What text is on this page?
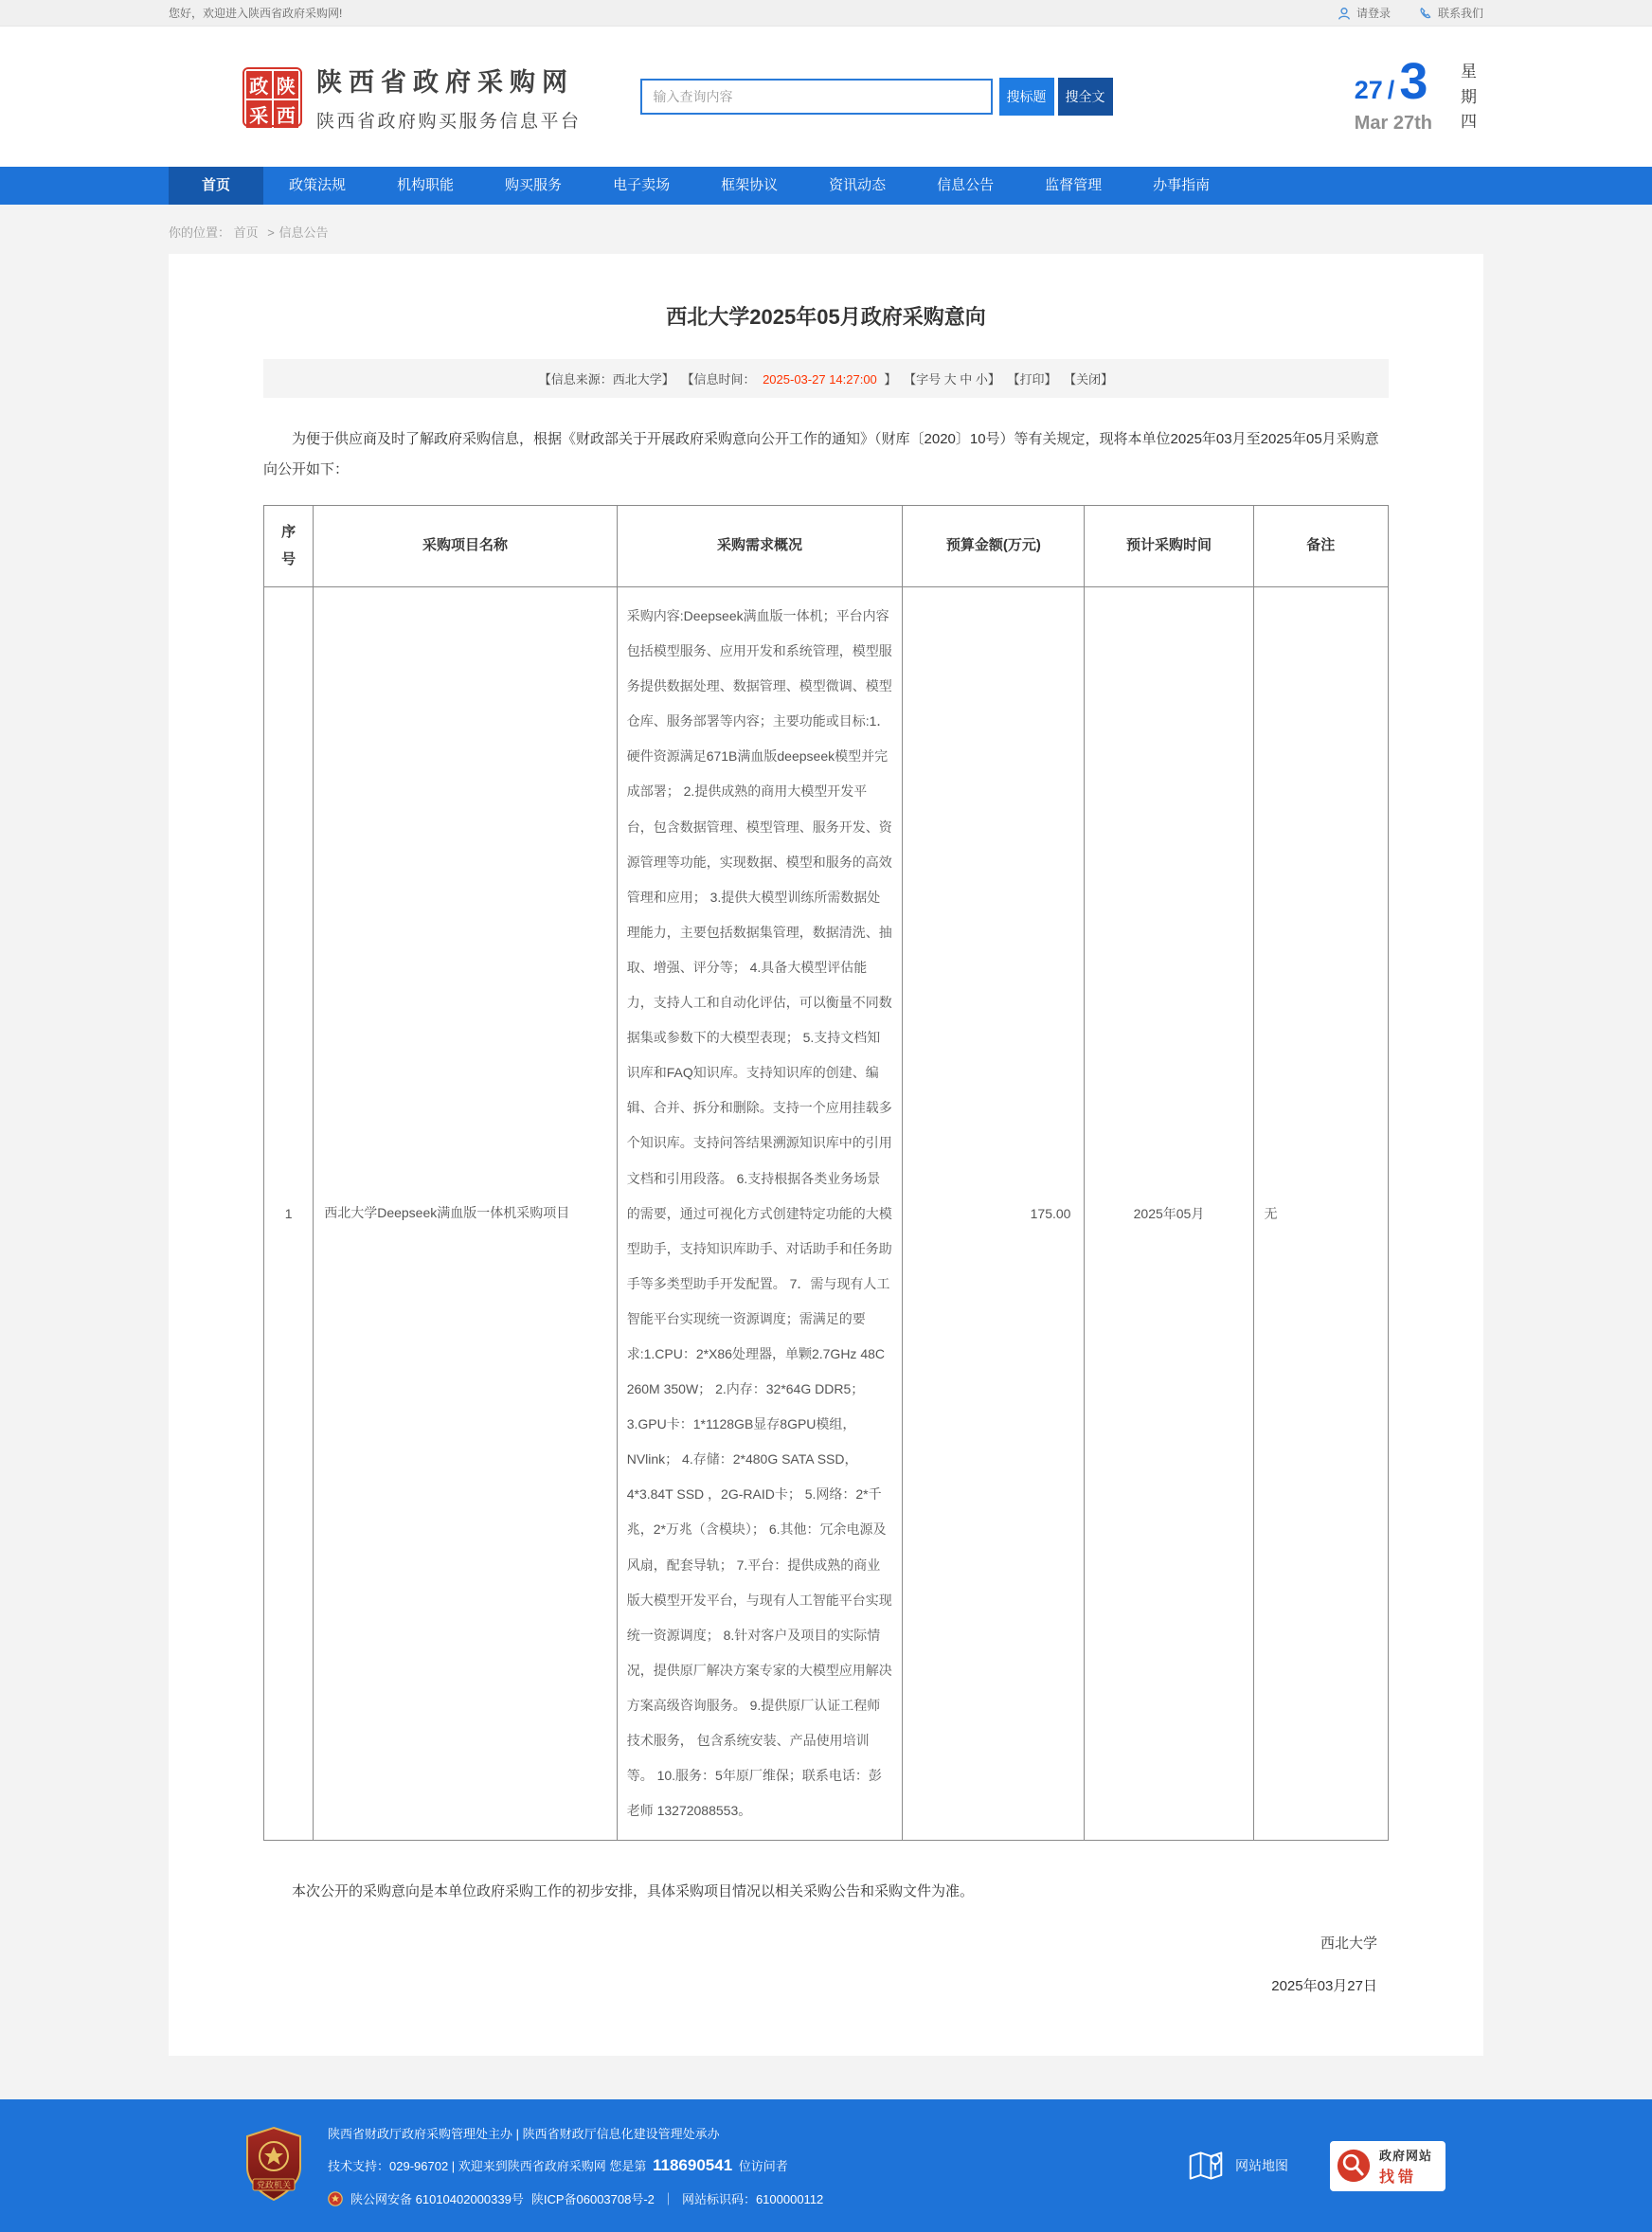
您好，欢迎进入陕西省政府采购网!	请登录	联系我们
政 陕
采 西
陕西省政府采购网
陕西省政府购买服务信息平台
输入查询内容
搜标题	搜全文	27 / 3
Mar 27th
星期四
首页	政策法规	机构职能	购买服务	电子卖场	框架协议	资讯动态	信息公告	监督管理	办事指南
你的位置： 首页 > 信息公告
西北大学2025年05月政府采购意向
【信息来源：西北大学】 【信息时间： 2025-03-27 14:27:00 】 【字号 大 中 小】 【打印】 【关闭】

为便于供应商及时了解政府采购信息，根据《财政部关于开展政府采购意向公开工作的通知》（财库〔2020〕10号）等有关规定，现将本单位2025年03月至2025年05月采购意向公开如下：

序号	采购项目名称	采购需求概况	预算金额(万元)	预计采购时间	备注
1	西北大学Deepseek满血版一体机采购项目	采购内容:Deepseek满血版一体机；平台内容包括模型服务、应用开发和系统管理，模型服务提供数据处理、数据管理、模型微调、模型仓库、服务部署等内容；主要功能或目标:1．硬件资源满足671B满血版deepseek模型并完成部署； 2.提供成熟的商用大模型开发平台，包含数据管理、模型管理、服务开发、资源管理等功能，实现数据、模型和服务的高效管理和应用； 3.提供大模型训练所需数据处理能力，主要包括数据集管理，数据清洗、抽取、增强、评分等； 4.具备大模型评估能力，支持人工和自动化评估，可以衡量不同数据集或参数下的大模型表现； 5.支持文档知识库和FAQ知识库。支持知识库的创建、编辑、合并、拆分和删除。支持一个应用挂载多个知识库。支持问答结果溯源知识库中的引用文档和引用段落。 6.支持根据各类业务场景的需要，通过可视化方式创建特定功能的大模型助手，支持知识库助手、对话助手和任务助手等多类型助手开发配置。 7．需与现有人工智能平台实现统一资源调度；需满足的要求:1.CPU：2*X86处理器，单颗2.7GHz 48C 260M 350W； 2.内存：32*64G DDR5； 3.GPU卡：1*1128GB显存8GPU模组，NVlink； 4.存储：2*480G SATA SSD，4*3.84T SSD ，2G-RAID卡； 5.网络：2*千兆，2*万兆（含模块）； 6.其他：冗余电源及风扇，配套导轨； 7.平台：提供成熟的商业版大模型开发平台，与现有人工智能平台实现统一资源调度； 8.针对客户及项目的实际情况，提供原厂解决方案专家的大模型应用解决方案高级咨询服务。 9.提供原厂认证工程师技术服务， 包含系统安装、产品使用培训等。 10.服务：5年原厂维保；联系电话：彭老师 13272088553。	175.00	2025年05月	无

本次公开的采购意向是本单位政府采购工作的初步安排，具体采购项目情况以相关采购公告和采购文件为准。

西北大学

2025年03月27日

党政机关
陕西省财政厅政府采购管理处主办 | 陕西省财政厅信息化建设管理处承办
技术支持：029-96702 | 欢迎来到陕西省政府采购网 您是第 118690541 位访问者
陕公网安备 61010402000339号 陕ICP备06003708号-2 ｜ 网站标识码：6100000112
网站地图
政府网站
找错
